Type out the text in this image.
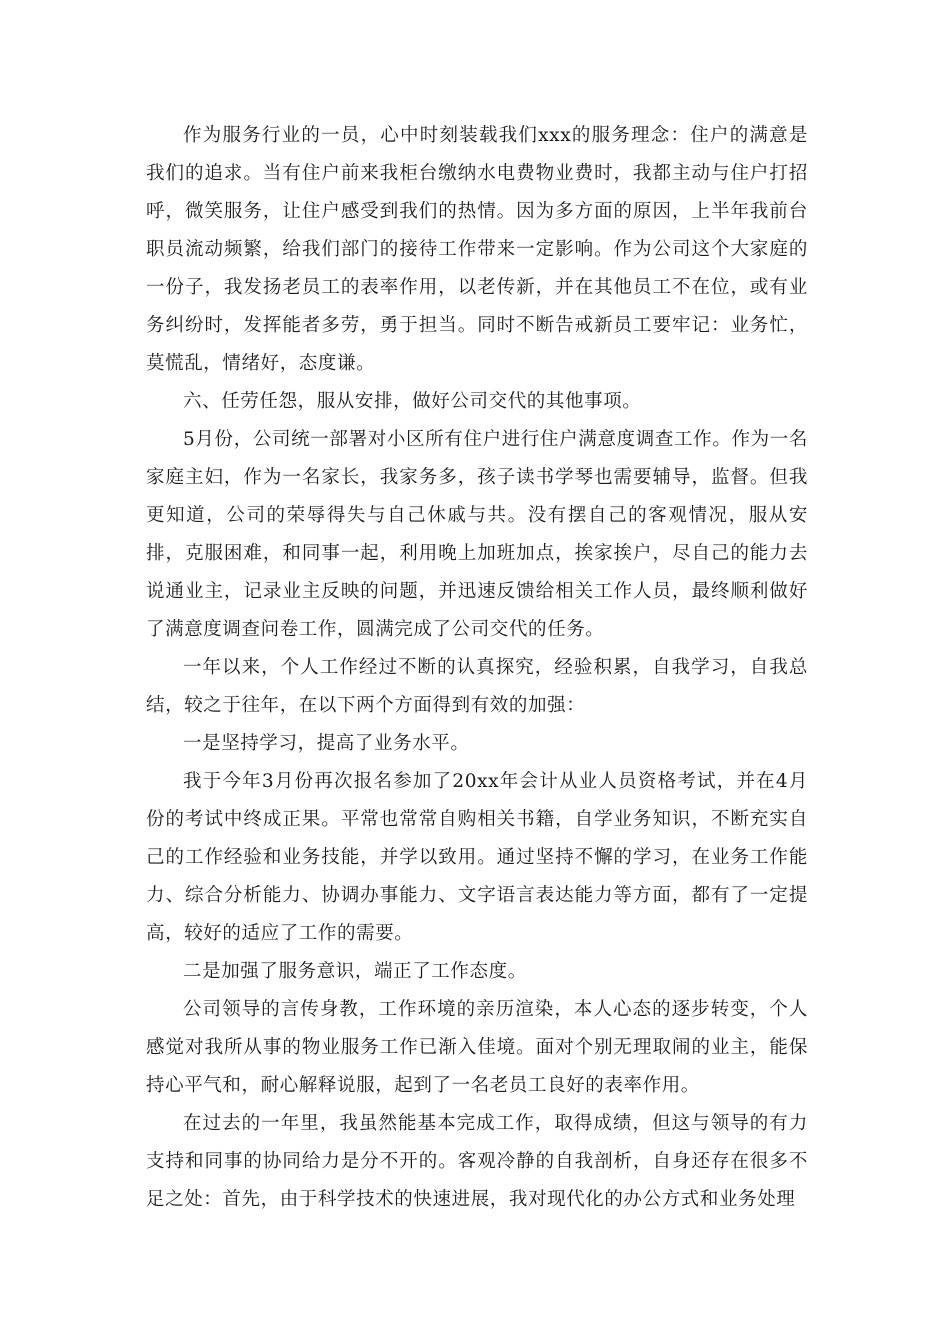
作为服务行业的一员，心中时刻装载我们xxx的服务理念：住户的满意是我们的追求。当有住户前来我柜台缴纳水电费物业费时，我都主动与住户打招呼，微笑服务，让住户感受到我们的热情。因为多方面的原因，上半年我前台职员流动频繁，给我们部门的接待工作带来一定影响。作为公司这个大家庭的一份子，我发扬老员工的表率作用，以老传新，并在其他员工不在位，或有业务纠纷时，发挥能者多劳，勇于担当。同时不断告戒新员工要牢记：业务忙，莫慌乱，情绪好，态度谦。

六、任劳任怨，服从安排，做好公司交代的其他事项。

5月份，公司统一部署对小区所有住户进行住户满意度调查工作。作为一名家庭主妇，作为一名家长，我家务多，孩子读书学琴也需要辅导，监督。但我更知道，公司的荣辱得失与自己休戚与共。没有摆自己的客观情况，服从安排，克服困难，和同事一起，利用晚上加班加点，挨家挨户，尽自己的能力去说通业主，记录业主反映的问题，并迅速反馈给相关工作人员，最终顺利做好了满意度调查问卷工作，圆满完成了公司交代的任务。

一年以来，个人工作经过不断的认真探究，经验积累，自我学习，自我总结，较之于往年，在以下两个方面得到有效的加强：

一是坚持学习，提高了业务水平。

我于今年3月份再次报名参加了20xx年会计从业人员资格考试，并在4月份的考试中终成正果。平常也常常自购相关书籍，自学业务知识，不断充实自己的工作经验和业务技能，并学以致用。通过坚持不懈的学习，在业务工作能力、综合分析能力、协调办事能力、文字语言表达能力等方面，都有了一定提高，较好的适应了工作的需要。

二是加强了服务意识，端正了工作态度。

公司领导的言传身教，工作环境的亲历渲染，本人心态的逐步转变，个人感觉对我所从事的物业服务工作已渐入佳境。面对个别无理取闹的业主，能保持心平气和，耐心解释说服，起到了一名老员工良好的表率作用。

在过去的一年里，我虽然能基本完成工作，取得成绩，但这与领导的有力支持和同事的协同给力是分不开的。客观冷静的自我剖析，自身还存在很多不足之处：首先，由于科学技术的快速进展，我对现代化的办公方式和业务处理
